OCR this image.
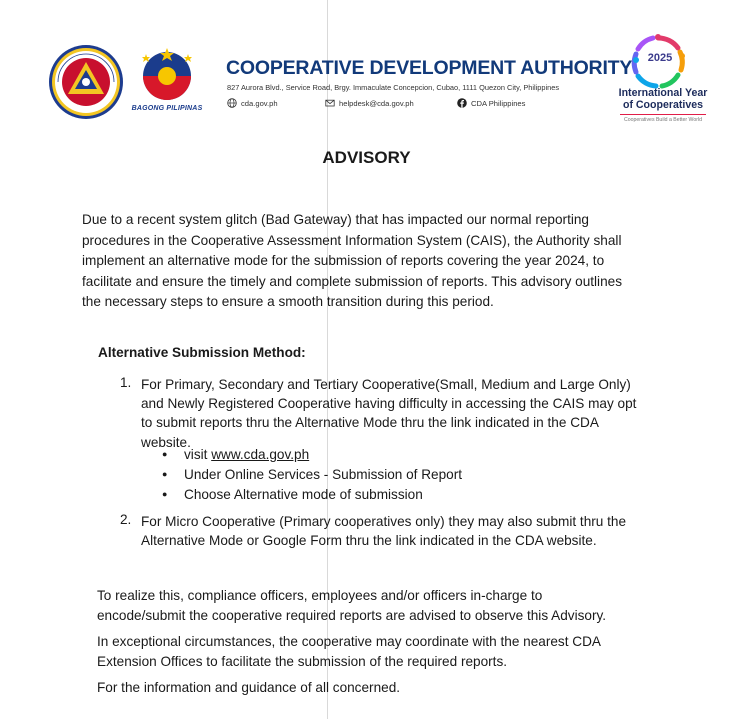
BAGONG PILIPINAS
COOPERATIVE DEVELOPMENT AUTHORITY
827 Aurora Blvd., Service Road, Brgy. Immaculate Concepcion, Cubao, 1111 Quezon City, Philippines
cda.gov.ph	helpdesk@cda.gov.ph	CDA Philippines
2025
International Year
of Cooperatives
Cooperatives Build a Better World
ADVISORY
Due to a recent system glitch (Bad Gateway) that has impacted our normal reporting
procedures in the Cooperative Assessment Information System (CAIS), the Authority shall
implement an alternative mode for the submission of reports covering the year 2024, to
facilitate and ensure the timely and complete submission of reports. This advisory outlines
the necessary steps to ensure a smooth transition during this period.
Alternative Submission Method:
1. For Primary, Secondary and Tertiary Cooperative(Small, Medium and Large Only)
and Newly Registered Cooperative having difficulty in accessing the CAIS may opt
to submit reports thru the Alternative Mode thru the link indicated in the CDA
website.
● visit www.cda.gov.ph
● Under Online Services - Submission of Report
● Choose Alternative mode of submission
2. For Micro Cooperative (Primary cooperatives only) they may also submit thru the
Alternative Mode or Google Form thru the link indicated in the CDA website.
To realize this, compliance officers, employees and/or officers in-charge to
encode/submit the cooperative required reports are advised to observe this Advisory.
In exceptional circumstances, the cooperative may coordinate with the nearest CDA
Extension Offices to facilitate the submission of the required reports.
For the information and guidance of all concerned.
